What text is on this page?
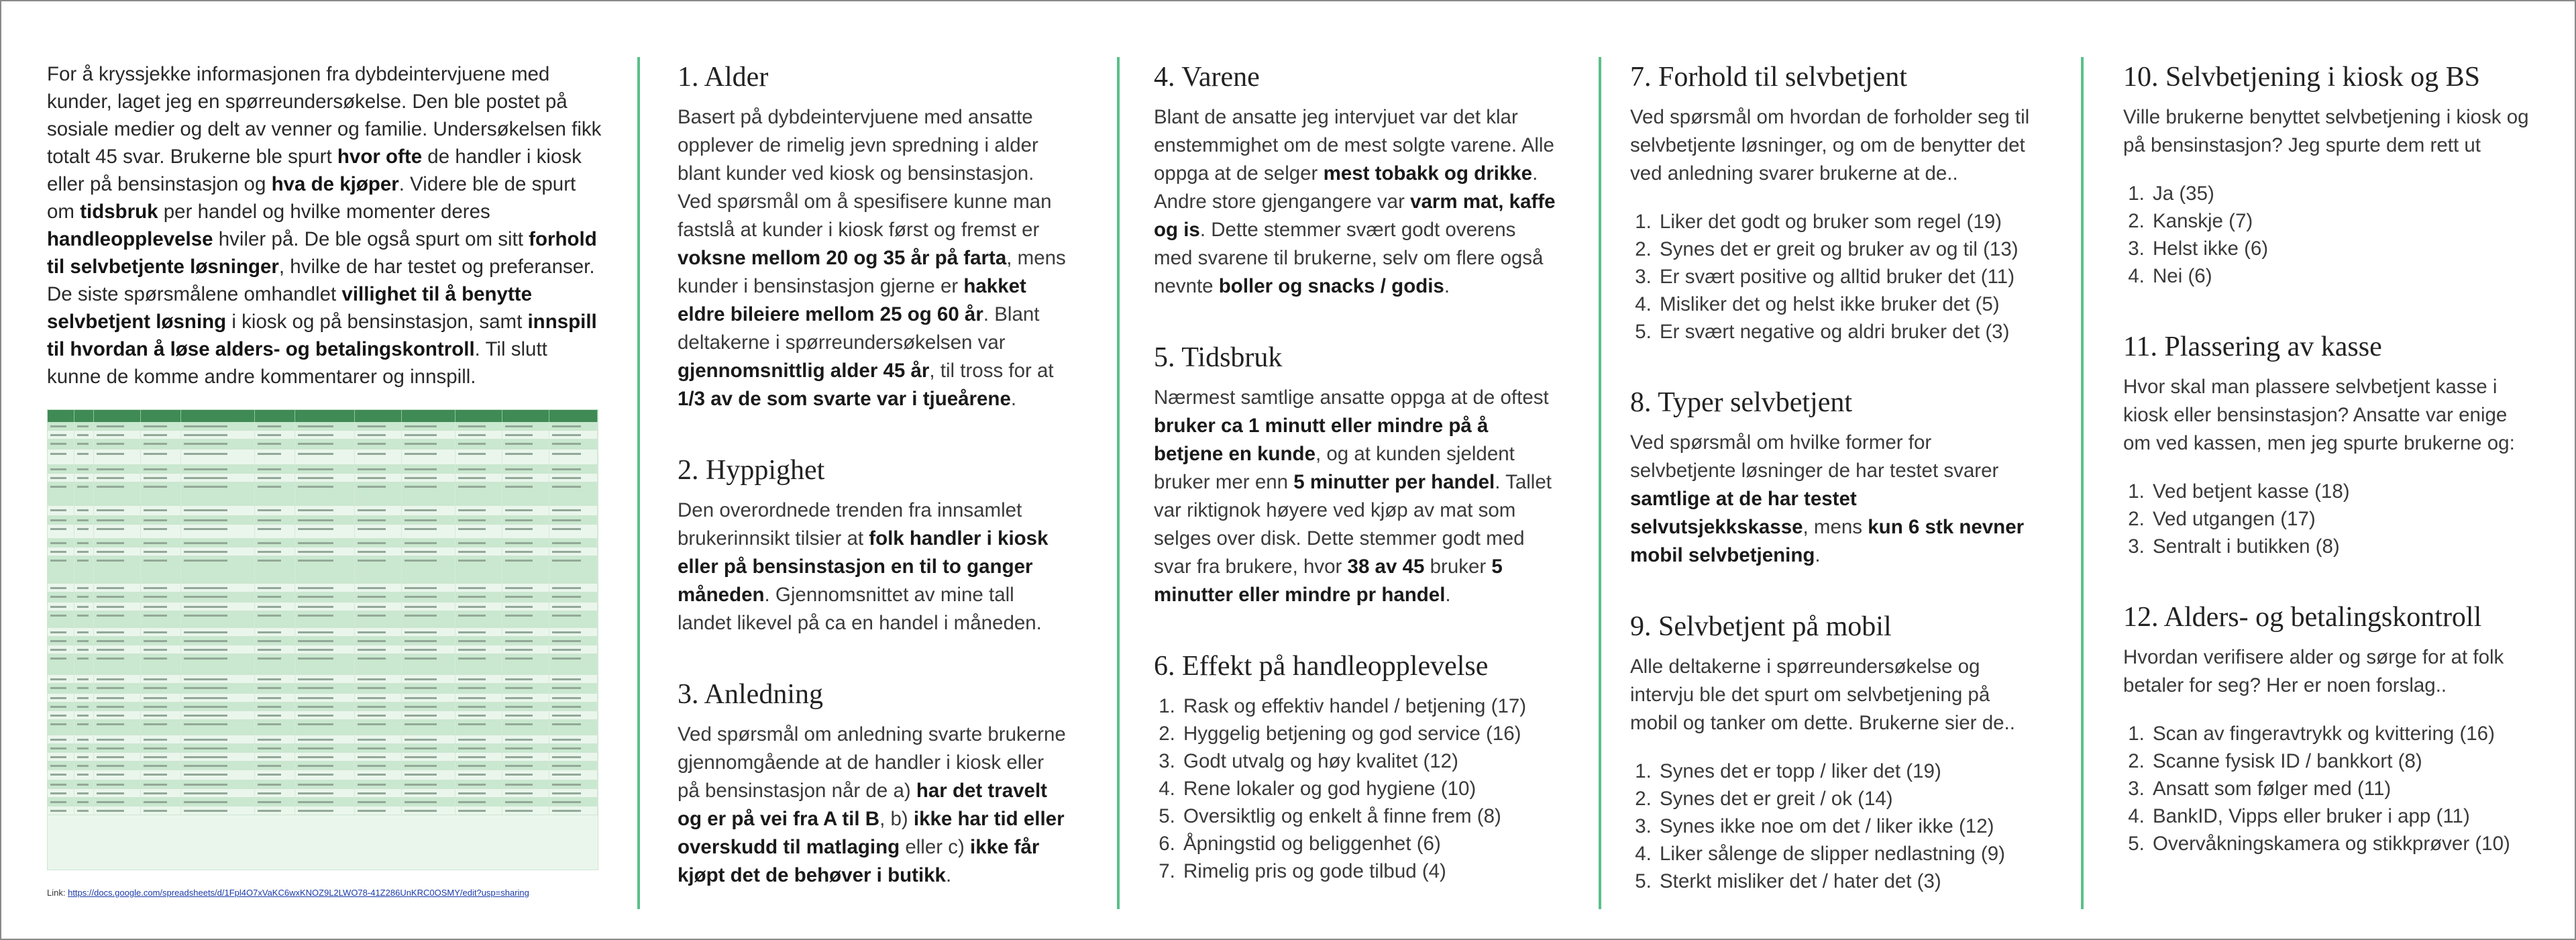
For å kryssjekke informasjonen fra dybdeintervjuene med kunder, laget jeg en spørreundersøkelse. Den ble postet på sosiale medier og delt av venner og familie. Undersøkelsen fikk totalt 45 svar. Brukerne ble spurt hvor ofte de handler i kiosk eller på bensinstasjon og hva de kjøper. Videre ble de spurt om tidsbruk per handel og hvilke momenter deres handleopplevelse hviler på. De ble også spurt om sitt forhold til selvbetjente løsninger, hvilke de har testet og preferanser. De siste spørsmålene omhandlet villighet til å benytte selvbetjent løsning i kiosk og på bensinstasjon, samt innspill til hvordan å løse alders- og betalingskontroll. Til slutt kunne de komme andre kommentarer og innspill.

Link: https://docs.google.com/spreadsheets/d/1Fpl4O7xVaKC6wxKNOZ9L2LWO78-41Z286UnKRC0OSMY/edit?usp=sharing
1. Alder

Basert på dybdeintervjuene med ansatte opplever de rimelig jevn spredning i alder blant kunder ved kiosk og bensinstasjon. Ved spørsmål om å spesifisere kunne man fastslå at kunder i kiosk først og fremst er voksne mellom 20 og 35 år på farta, mens kunder i bensinstasjon gjerne er hakket eldre bileiere mellom 25 og 60 år. Blant deltakerne i spørreundersøkelsen var gjennomsnittlig alder 45 år, til tross for at 1/3 av de som svarte var i tjueårene.

2. Hyppighet

Den overordnede trenden fra innsamlet brukerinnsikt tilsier at folk handler i kiosk eller på bensinstasjon en til to ganger måneden. Gjennomsnittet av mine tall landet likevel på ca en handel i måneden.

3. Anledning

Ved spørsmål om anledning svarte brukerne gjennomgående at de handler i kiosk eller på bensinstasjon når de a) har det travelt og er på vei fra A til B, b) ikke har tid eller overskudd til matlaging eller c) ikke får kjøpt det de behøver i butikk.

4. Varene

Blant de ansatte jeg intervjuet var det klar enstemmighet om de mest solgte varene. Alle oppga at de selger mest tobakk og drikke. Andre store gjengangere var varm mat, kaffe og is. Dette stemmer svært godt overens med svarene til brukerne, selv om flere også nevnte boller og snacks / godis.

5. Tidsbruk

Nærmest samtlige ansatte oppga at de oftest bruker ca 1 minutt eller mindre på å betjene en kunde, og at kunden sjeldent bruker mer enn 5 minutter per handel. Tallet var riktignok høyere ved kjøp av mat som selges over disk. Dette stemmer godt med svar fra brukere, hvor 38 av 45 bruker 5 minutter eller mindre pr handel.

6. Effekt på handleopplevelse
1. Rask og effektiv handel / betjening (17)
2. Hyggelig betjening og god service (16)
3. Godt utvalg og høy kvalitet (12)
4. Rene lokaler og god hygiene (10)
5. Oversiktlig og enkelt å finne frem (8)
6. Åpningstid og beliggenhet (6)
7. Rimelig pris og gode tilbud (4)
7. Forhold til selvbetjent

Ved spørsmål om hvordan de forholder seg til selvbetjente løsninger, og om de benytter det ved anledning svarer brukerne at de..

1. Liker det godt og bruker som regel (19)
2. Synes det er greit og bruker av og til (13)
3. Er svært positive og alltid bruker det (11)
4. Misliker det og helst ikke bruker det (5)
5. Er svært negative og aldri bruker det (3)
8. Typer selvbetjent

Ved spørsmål om hvilke former for selvbetjente løsninger de har testet svarer samtlige at de har testet selvutsjekkskasse, mens kun 6 stk nevner mobil selvbetjening.

9. Selvbetjent på mobil

Alle deltakerne i spørreundersøkelse og intervju ble det spurt om selvbetjening på mobil og tanker om dette. Brukerne sier de..

1. Synes det er topp / liker det (19)
2. Synes det er greit / ok (14)
3. Synes ikke noe om det / liker ikke (12)
4. Liker sålenge de slipper nedlastning (9)
5. Sterkt misliker det / hater det (3)
10. Selvbetjening i kiosk og BS

Ville brukerne benyttet selvbetjening i kiosk og på bensinstasjon? Jeg spurte dem rett ut

1. Ja (35)
2. Kanskje (7)
3. Helst ikke (6)
4. Nei (6)
11. Plassering av kasse

Hvor skal man plassere selvbetjent kasse i kiosk eller bensinstasjon? Ansatte var enige om ved kassen, men jeg spurte brukerne og:

1. Ved betjent kasse (18)
2. Ved utgangen (17)
3. Sentralt i butikken (8)
12. Alders- og betalingskontroll

Hvordan verifisere alder og sørge for at folk betaler for seg? Her er noen forslag..

1. Scan av fingeravtrykk og kvittering (16)
2. Scanne fysisk ID / bankkort (8)
3. Ansatt som følger med (11)
4. BankID, Vipps eller bruker i app (11)
5. Overvåkningskamera og stikkprøver (10)
